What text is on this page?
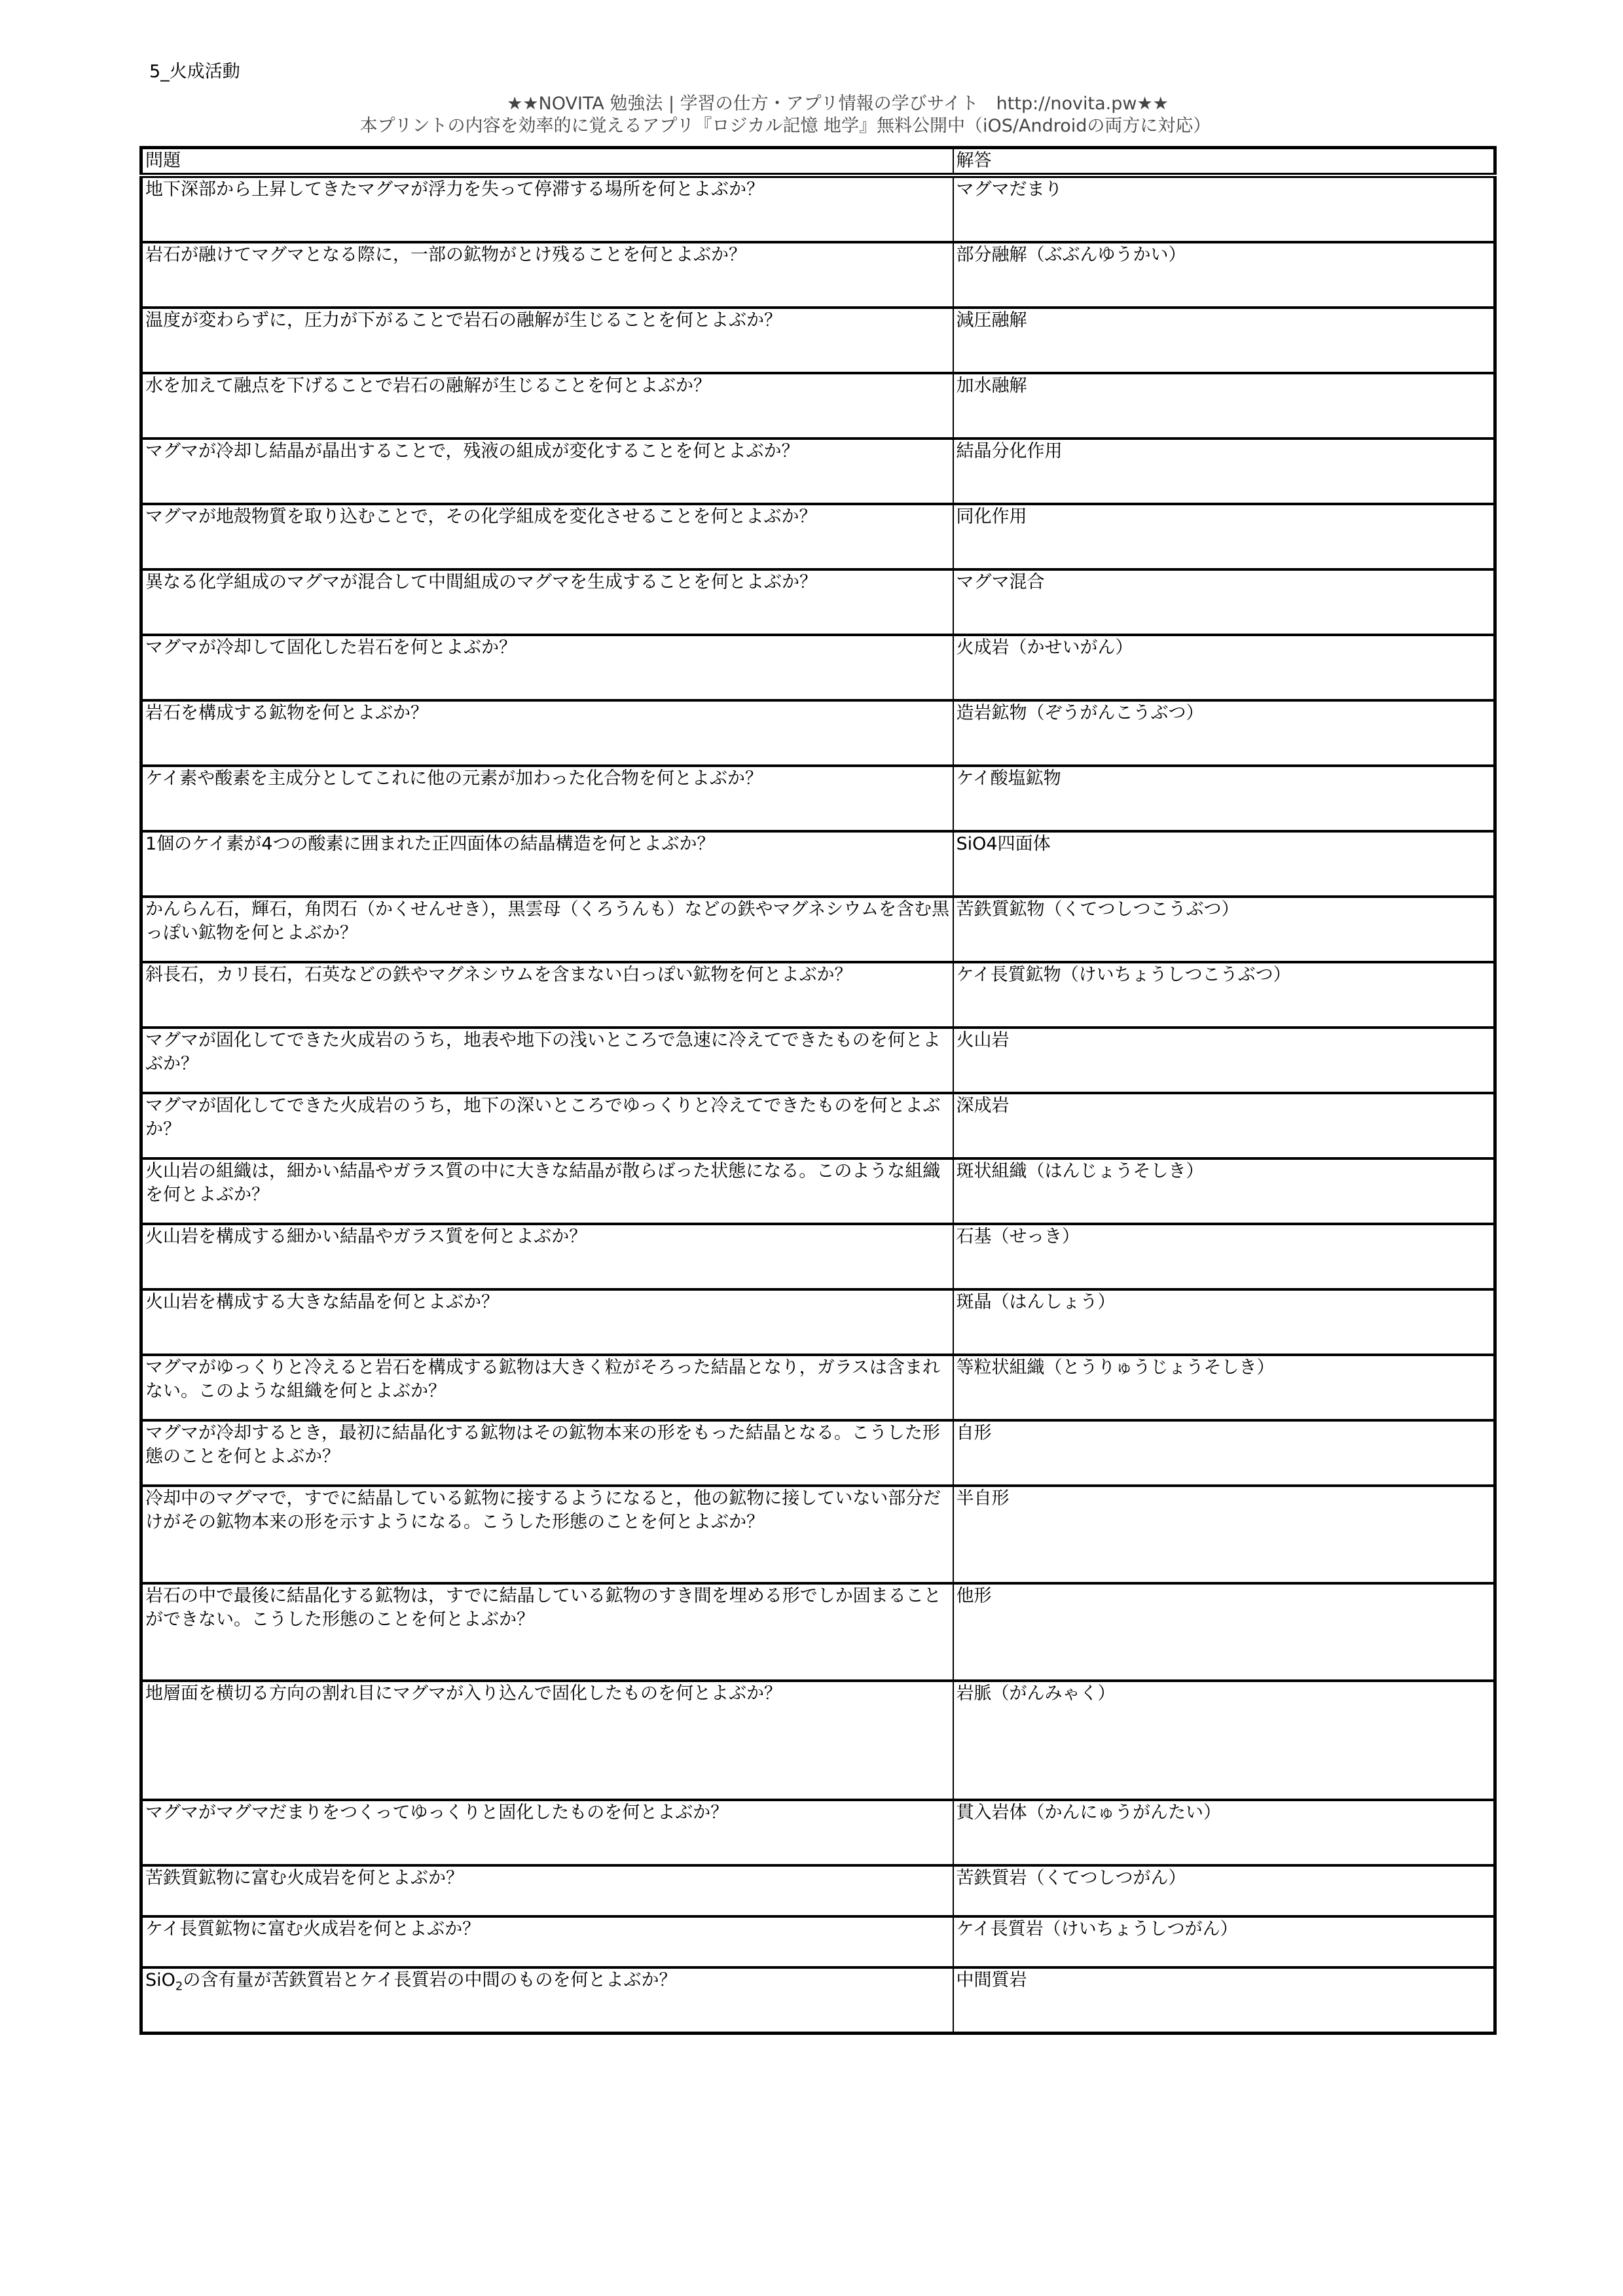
5_火成活動
★★NOVITA 勉強法 | 学習の仕方・アプリ情報の学びサイト　http://novita.pw★★
本プリントの内容を効率的に覚えるアプリ『ロジカル記憶 地学』無料公開中（iOS/Androidの両方に対応）
問題	解答
地下深部から上昇してきたマグマが浮力を失って停滞する場所を何とよぶか？	マグマだまり
岩石が融けてマグマとなる際に，一部の鉱物がとけ残ることを何とよぶか？	部分融解（ぶぶんゆうかい）
温度が変わらずに，圧力が下がることで岩石の融解が生じることを何とよぶか？	減圧融解
水を加えて融点を下げることで岩石の融解が生じることを何とよぶか？	加水融解
マグマが冷却し結晶が晶出することで，残液の組成が変化することを何とよぶか？	結晶分化作用
マグマが地殻物質を取り込むことで，その化学組成を変化させることを何とよぶか？	同化作用
異なる化学組成のマグマが混合して中間組成のマグマを生成することを何とよぶか？	マグマ混合
マグマが冷却して固化した岩石を何とよぶか？	火成岩（かせいがん）
岩石を構成する鉱物を何とよぶか？	造岩鉱物（ぞうがんこうぶつ）
ケイ素や酸素を主成分としてこれに他の元素が加わった化合物を何とよぶか？	ケイ酸塩鉱物
1個のケイ素が4つの酸素に囲まれた正四面体の結晶構造を何とよぶか？	SiO4四面体
かんらん石，輝石，角閃石（かくせんせき），黒雲母（くろうんも）などの鉄やマグネシウムを含む黒っぽい鉱物を何とよぶか？	苦鉄質鉱物（くてつしつこうぶつ）
斜長石，カリ長石，石英などの鉄やマグネシウムを含まない白っぽい鉱物を何とよぶか？	ケイ長質鉱物（けいちょうしつこうぶつ）
マグマが固化してできた火成岩のうち，地表や地下の浅いところで急速に冷えてできたものを何とよぶか？	火山岩
マグマが固化してできた火成岩のうち，地下の深いところでゆっくりと冷えてできたものを何とよぶか？	深成岩
火山岩の組織は，細かい結晶やガラス質の中に大きな結晶が散らばった状態になる。このような組織を何とよぶか？	斑状組織（はんじょうそしき）
火山岩を構成する細かい結晶やガラス質を何とよぶか？	石基（せっき）
火山岩を構成する大きな結晶を何とよぶか？	斑晶（はんしょう）
マグマがゆっくりと冷えると岩石を構成する鉱物は大きく粒がそろった結晶となり，ガラスは含まれない。このような組織を何とよぶか？	等粒状組織（とうりゅうじょうそしき）
マグマが冷却するとき，最初に結晶化する鉱物はその鉱物本来の形をもった結晶となる。こうした形態のことを何とよぶか？	自形
冷却中のマグマで，すでに結晶している鉱物に接するようになると，他の鉱物に接していない部分だけがその鉱物本来の形を示すようになる。こうした形態のことを何とよぶか？	半自形
岩石の中で最後に結晶化する鉱物は，すでに結晶している鉱物のすき間を埋める形でしか固まることができない。こうした形態のことを何とよぶか？	他形
地層面を横切る方向の割れ目にマグマが入り込んで固化したものを何とよぶか？	岩脈（がんみゃく）
マグマがマグマだまりをつくってゆっくりと固化したものを何とよぶか？	貫入岩体（かんにゅうがんたい）
苦鉄質鉱物に富む火成岩を何とよぶか？	苦鉄質岩（くてつしつがん）
ケイ長質鉱物に富む火成岩を何とよぶか？	ケイ長質岩（けいちょうしつがん）
SiO$_2$の含有量が苦鉄質岩とケイ長質岩の中間のものを何とよぶか？	中間質岩
